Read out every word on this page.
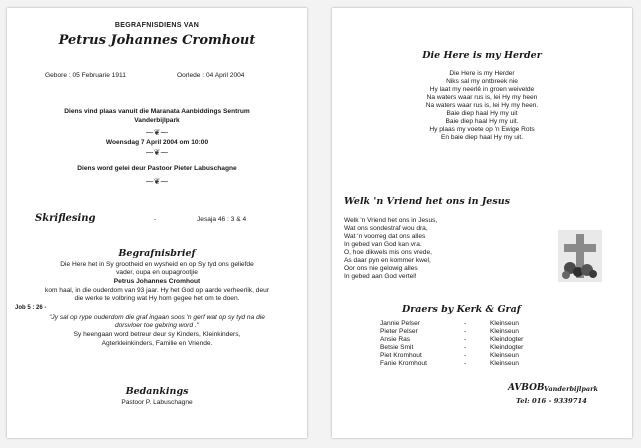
BEGRAFNISDIENS VAN
Petrus Johannes Cromhout
Gebore : 05 Februarie 1911	Oorlede : 04 April 2004
Diens vind plaas vanuit die Maranata Aanbiddings Sentrum
Vanderbijlpark
⁓❦⁓
Woensdag 7 April 2004 om 10:00
⁓❦⁓
Diens word gelei deur Pastoor Pieter Labuschagne
⁓❦⁓
Skriflesing	-	Jesaja 46 : 3 & 4
Begrafnisbrief
Die Here het in Sy grootheid en wysheid en op Sy tyd ons geliefde
vader, oupa en oupagrootjie
Petrus Johannes Cromhout
kom haal, in die ouderdom van 93 jaar. Hy het God op aarde verheerlik, deur
die werke te volbring wat Hy hom gegee het om te doen.
Job 5 : 26 -
"Jy sal op rype ouderdom die graf ingaan soos 'n gerf wat op sy tyd na die
dorsvloer toe gebring word ."
Sy heengaan word betreur deur sy Kinders, Kleinkinders,
Agterkleinkinders, Familie en Vriende.
Bedankings
Pastoor P. Labuschagne
Die Here is my Herder
Die Here is my Herder
Niks sal my ontbreek nie
Hy laat my neerlê in groen weivelde
Na waters waar rus is, lei Hy my heen
Na waters waar rus is, lei Hy my heen.
Baie diep haal Hy my uit
Baie diep haal Hy my uit.
Hy plaas my voete op 'n Ewige Rots
En baie diep haal Hy my uit.
Welk 'n Vriend het ons in Jesus
Welk 'n Vriend het ons in Jesus,
Wat ons sondestraf wou dra,
Wat 'n voorreg dat ons alles
In gebed van God kan vra.
O, hoe dikwels mis ons vrede,
As daar pyn en kommer kwel,
Oor ons nie gelowig alles
In gebed aan God vertel!
Draers by Kerk & Graf
Jannie Pelser	-	Kleinseun
Pieter Pelser	-	Kleinseun
Ansie Ras	-	Kleindogter
Betsie Smit	-	Kleindogter
Piet Kromhout	-	Kleinseun
Fanie Kromhout	-	Kleinseun
AVBOB Vanderbijlpark
Tel: 016 - 9339714
